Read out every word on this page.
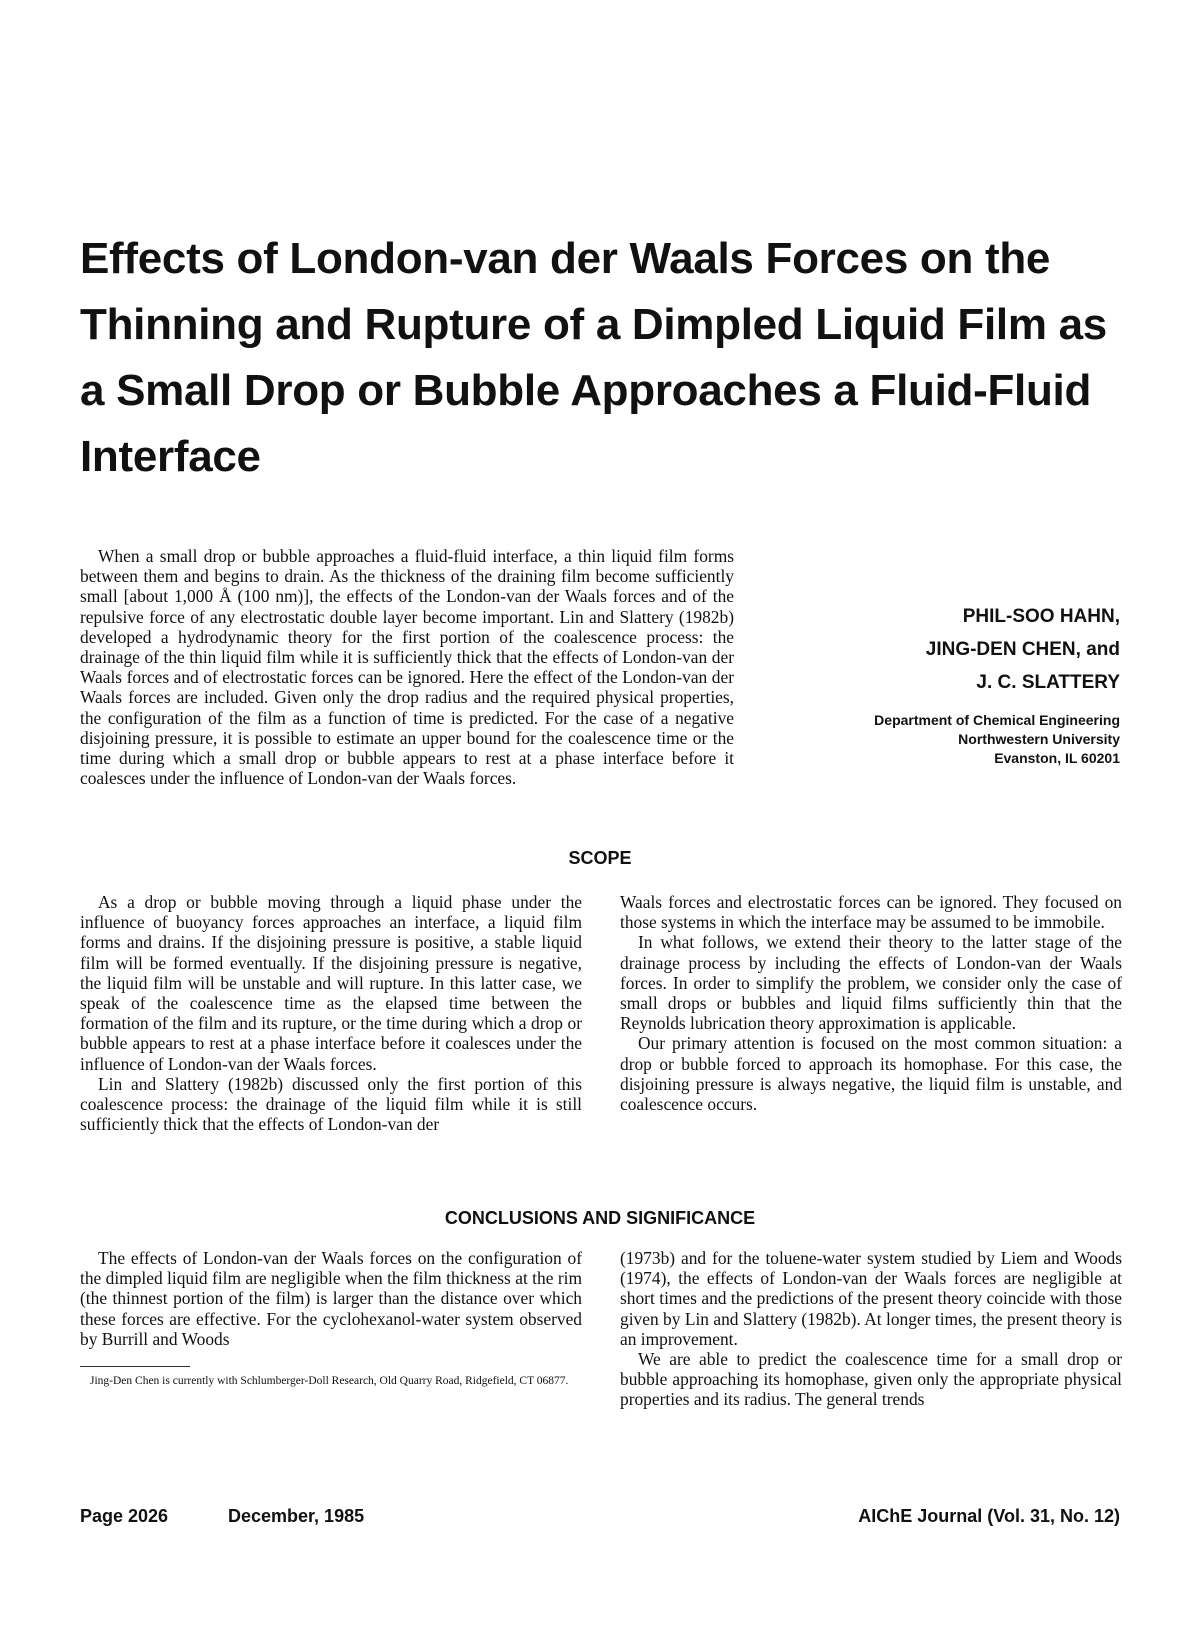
Effects of London-van der Waals Forces on the Thinning and Rupture of a Dimpled Liquid Film as a Small Drop or Bubble Approaches a Fluid-Fluid Interface

When a small drop or bubble approaches a fluid-fluid interface, a thin liquid film forms between them and begins to drain. As the thickness of the draining film become sufficiently small [about 1,000 Å (100 nm)], the effects of the London-van der Waals forces and of the repulsive force of any electrostatic double layer become important. Lin and Slattery (1982b) developed a hydrodynamic theory for the first portion of the coalescence process: the drainage of the thin liquid film while it is sufficiently thick that the effects of London-van der Waals forces and of electrostatic forces can be ignored. Here the effect of the London-van der Waals forces are included. Given only the drop radius and the required physical properties, the configuration of the film as a function of time is predicted. For the case of a negative disjoining pressure, it is possible to estimate an upper bound for the coalescence time or the time during which a small drop or bubble appears to rest at a phase interface before it coalesces under the influence of London-van der Waals forces.

PHIL-SOO HAHN,

JING-DEN CHEN, and

J. C. SLATTERY

Department of Chemical Engineering

Northwestern University

Evanston, IL 60201

SCOPE

As a drop or bubble moving through a liquid phase under the influence of buoyancy forces approaches an interface, a liquid film forms and drains. If the disjoining pressure is positive, a stable liquid film will be formed eventually. If the disjoining pressure is negative, the liquid film will be unstable and will rupture. In this latter case, we speak of the coalescence time as the elapsed time between the formation of the film and its rupture, or the time during which a drop or bubble appears to rest at a phase interface before it coalesces under the influence of London-van der Waals forces.

Lin and Slattery (1982b) discussed only the first portion of this coalescence process: the drainage of the liquid film while it is still sufficiently thick that the effects of London-van der

Waals forces and electrostatic forces can be ignored. They focused on those systems in which the interface may be assumed to be immobile.

In what follows, we extend their theory to the latter stage of the drainage process by including the effects of London-van der Waals forces. In order to simplify the problem, we consider only the case of small drops or bubbles and liquid films sufficiently thin that the Reynolds lubrication theory approximation is applicable.

Our primary attention is focused on the most common situation: a drop or bubble forced to approach its homophase. For this case, the disjoining pressure is always negative, the liquid film is unstable, and coalescence occurs.

CONCLUSIONS AND SIGNIFICANCE

The effects of London-van der Waals forces on the configuration of the dimpled liquid film are negligible when the film thickness at the rim (the thinnest portion of the film) is larger than the distance over which these forces are effective. For the cyclohexanol-water system observed by Burrill and Woods

(1973b) and for the toluene-water system studied by Liem and Woods (1974), the effects of London-van der Waals forces are negligible at short times and the predictions of the present theory coincide with those given by Lin and Slattery (1982b). At longer times, the present theory is an improvement.

We are able to predict the coalescence time for a small drop or bubble approaching its homophase, given only the appropriate physical properties and its radius. The general trends

Jing-Den Chen is currently with Schlumberger-Doll Research, Old Quarry Road, Ridgefield, CT 06877.

Page 2026	December, 1985	AIChE Journal (Vol. 31, No. 12)
